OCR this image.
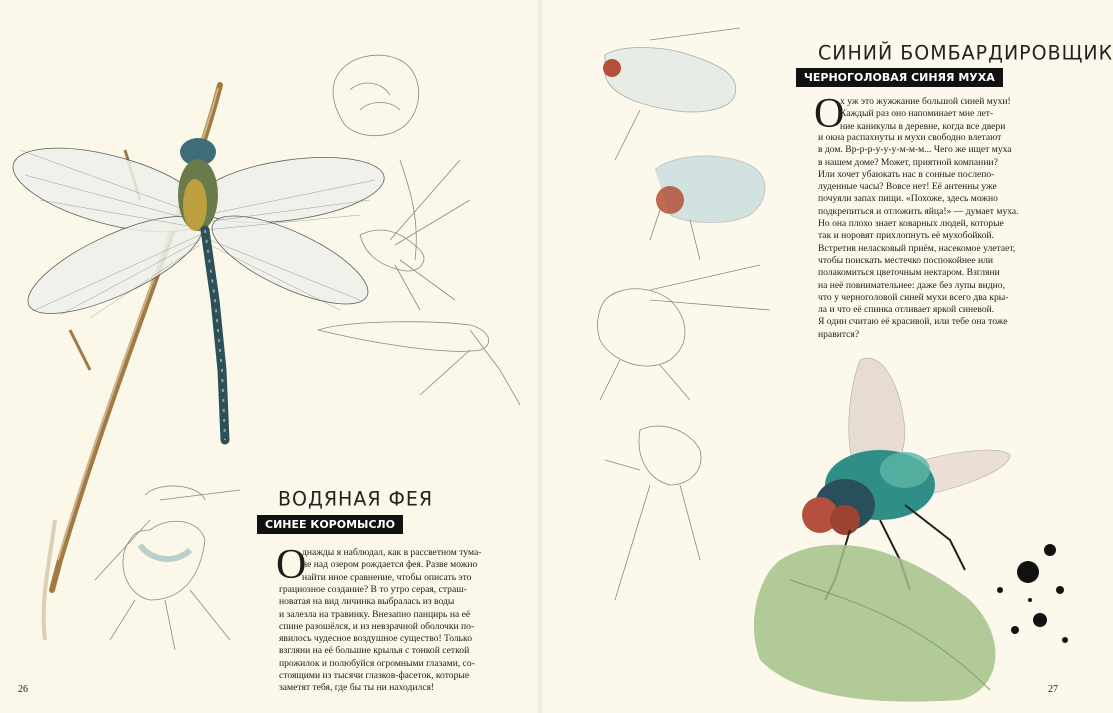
ВОДЯНАЯ ФЕЯ
СИНЕЕ КОРОМЫСЛО
О
днажды я наблюдал, как в рассветном тума-
не над озером рождается фея. Разве можно
найти иное сравнение, чтобы описать это
грациозное создание? В то утро серая, страш-
новатая на вид личинка выбралась из воды
и залезла на травинку. Внезапно панцирь на её
спине разошёлся, и из невзрачной оболочки по-
явилось чудесное воздушное существо! Только
взгляни на её большие крылья с тонкой сеткой
прожилок и полюбуйся огромными глазами, со-
стоящими из тысячи глазков-фасеток, которые
заметят тебя, где бы ты ни находился!
26
СИНИЙ БОМБАРДИРОВЩИК
ЧЕРНОГОЛОВАЯ СИНЯЯ МУХА
О
х уж это жужжание большой синей мухи!
Каждый раз оно напоминает мне лет-
ние каникулы в деревне, когда все двери
и окна распахнуты и мухи свободно влетают
в дом. Вр-р-р-у-у-у-м-м-м... Чего же ищет муха
в нашем доме? Может, приятной компании?
Или хочет убаюкать нас в сонные послепо-
луденные часы? Вовсе нет! Её антенны уже
почуяли запах пищи. «Похоже, здесь можно
подкрепиться и отложить яйца!» — думает муха.
Но она плохо знает коварных людей, которые
так и норовят прихлопнуть её мухобойкой.
Встретив неласковый приём, насекомое улетает,
чтобы поискать местечко поспокойнее или
полакомиться цветочным нектаром. Взгляни
на неё повнимательнее: даже без лупы видно,
что у черноголовой синей мухи всего два кры-
ла и что её спинка отливает яркой синевой.
Я один считаю её красивой, или тебе она тоже
нравится?
27
